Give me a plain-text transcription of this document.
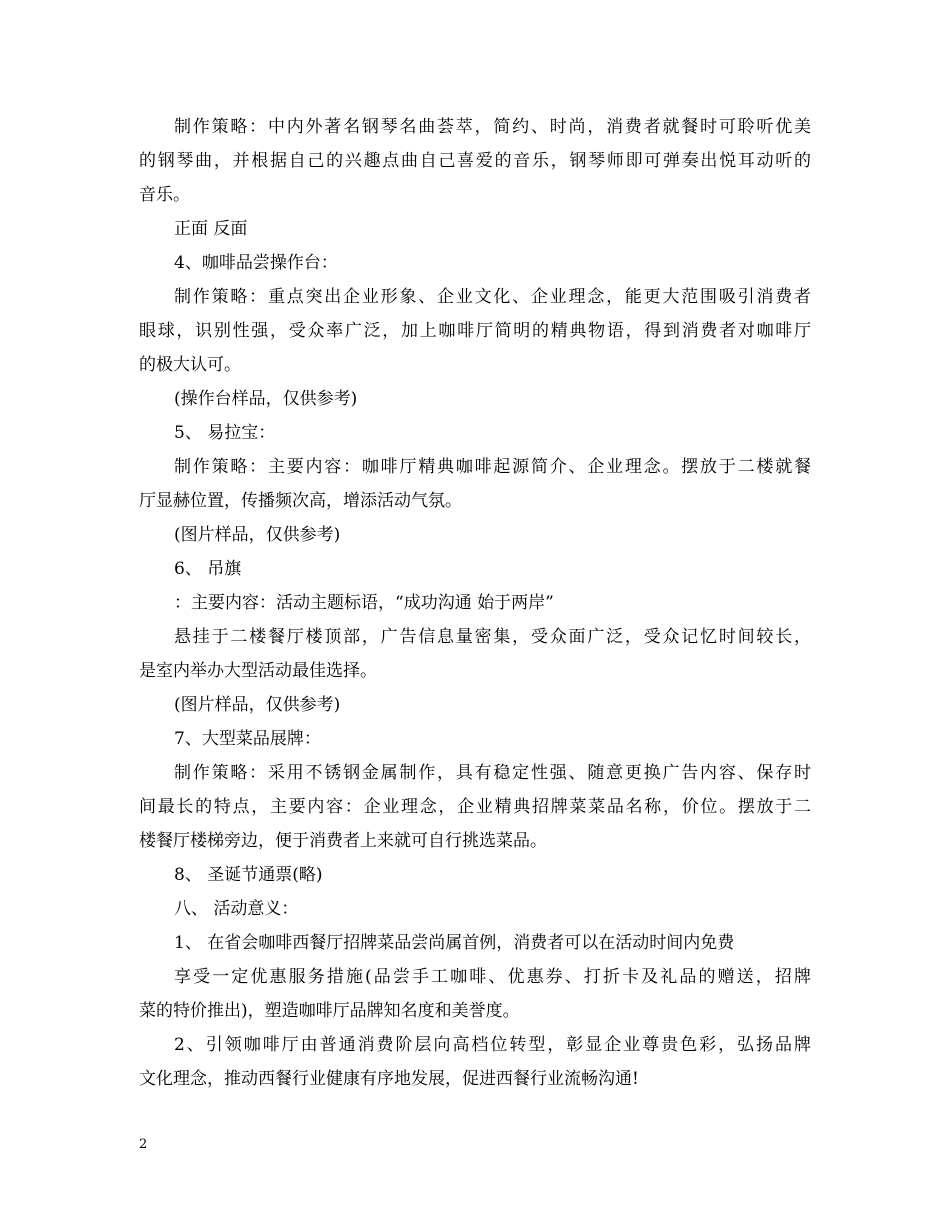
制作策略：中内外著名钢琴名曲荟萃，简约、时尚，消费者就餐时可聆听优美
的钢琴曲，并根据自己的兴趣点曲自己喜爱的音乐，钢琴师即可弹奏出悦耳动听的
音乐。
正面 反面
4、咖啡品尝操作台：
制作策略：重点突出企业形象、企业文化、企业理念，能更大范围吸引消费者
眼球，识别性强，受众率广泛，加上咖啡厅简明的精典物语，得到消费者对咖啡厅
的极大认可。
(操作台样品，仅供参考)
5、 易拉宝：
制作策略：主要内容：咖啡厅精典咖啡起源简介、企业理念。摆放于二楼就餐
厅显赫位置，传播频次高，增添活动气氛。
(图片样品，仅供参考)
6、 吊旗
：主要内容：活动主题标语，“成功沟通 始于两岸”
悬挂于二楼餐厅楼顶部，广告信息量密集，受众面广泛，受众记忆时间较长，
是室内举办大型活动最佳选择。
(图片样品，仅供参考)
7、大型菜品展牌：
制作策略：采用不锈钢金属制作，具有稳定性强、随意更换广告内容、保存时
间最长的特点，主要内容：企业理念，企业精典招牌菜菜品名称，价位。摆放于二
楼餐厅楼梯旁边，便于消费者上来就可自行挑选菜品。
8、 圣诞节通票(略)
八、 活动意义：
1、 在省会咖啡西餐厅招牌菜品尝尚属首例，消费者可以在活动时间内免费
享受一定优惠服务措施(品尝手工咖啡、优惠券、打折卡及礼品的赠送，招牌
菜的特价推出)，塑造咖啡厅品牌知名度和美誉度。
2、引领咖啡厅由普通消费阶层向高档位转型，彰显企业尊贵色彩，弘扬品牌
文化理念，推动西餐行业健康有序地发展，促进西餐行业流畅沟通!
2
